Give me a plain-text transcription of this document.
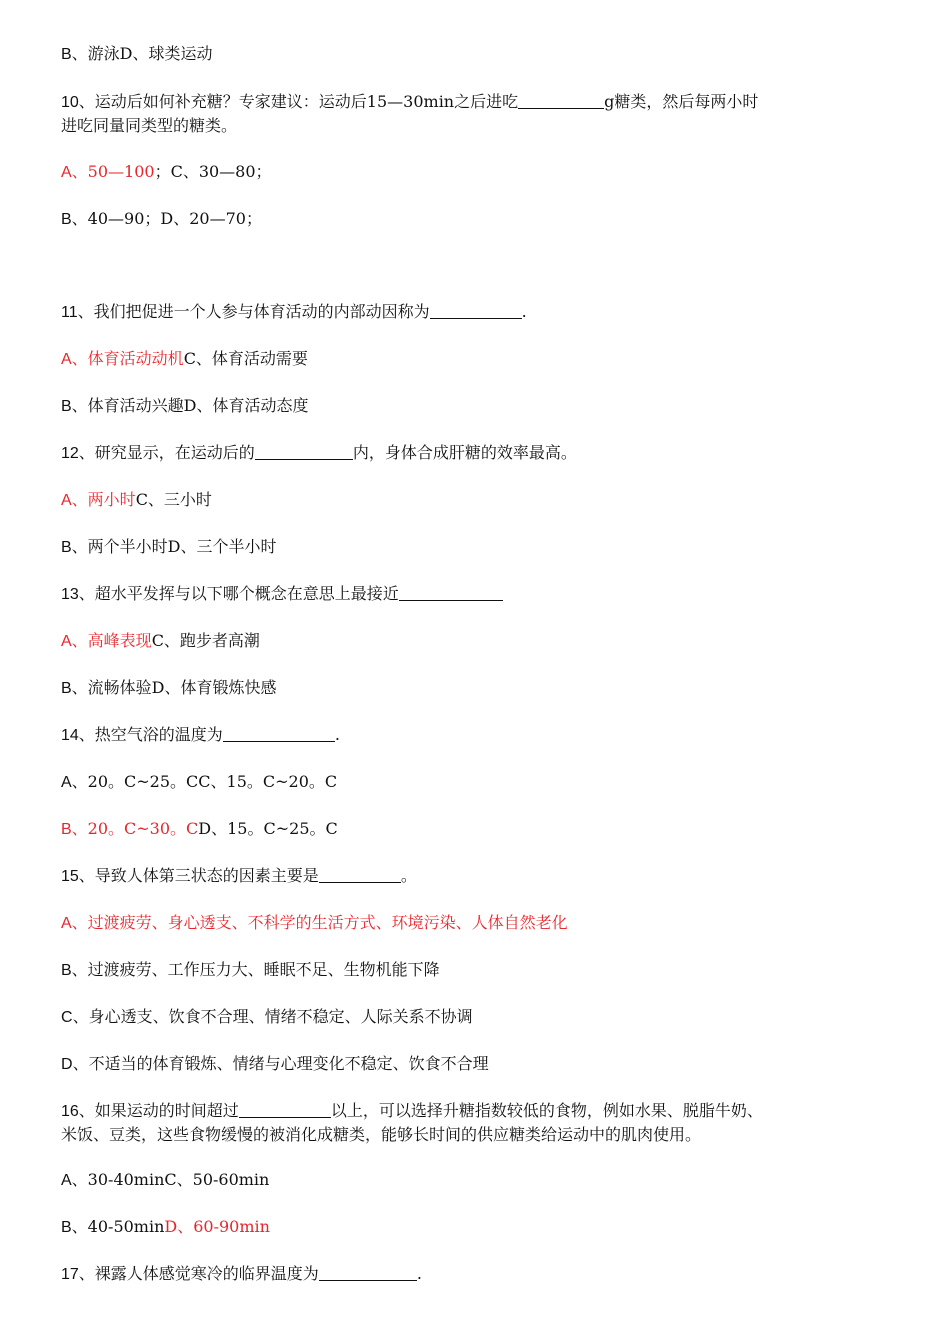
B、游泳D、球类运动
10、运动后如何补充糖？专家建议：运动后15—30min之后进吃	g糖类，然后每两小时
进吃同量同类型的糖类。
A、50—100；C、30—80；
B、40—90；D、20—70；
11、我们把促进一个人参与体育活动的内部动因称为	.
A、体育活动动机C、体育活动需要
B、体育活动兴趣D、体育活动态度
12、研究显示，在运动后的	内，身体合成肝糖的效率最高。
A、两小时C、三小时
B、两个半小时D、三个半小时
13、超水平发挥与以下哪个概念在意思上最接近
A、高峰表现C、跑步者高潮
B、流畅体验D、体育锻炼快感
14、热空气浴的温度为	.
A、20。C~25。CC、15。C~20。C
B、20。C~30。CD、15。C~25。C
15、导致人体第三状态的因素主要是	。
A、过渡疲劳、身心透支、不科学的生活方式、环境污染、人体自然老化
B、过渡疲劳、工作压力大、睡眠不足、生物机能下降
C、身心透支、饮食不合理、情绪不稳定、人际关系不协调
D、不适当的体育锻炼、情绪与心理变化不稳定、饮食不合理
16、如果运动的时间超过	以上，可以选择升糖指数较低的食物，例如水果、脱脂牛奶、
米饭、豆类，这些食物缓慢的被消化成糖类，能够长时间的供应糖类给运动中的肌肉使用。
A、30-40minC、50-60min
B、40-50minD、60-90min
17、裸露人体感觉寒冷的临界温度为	.
